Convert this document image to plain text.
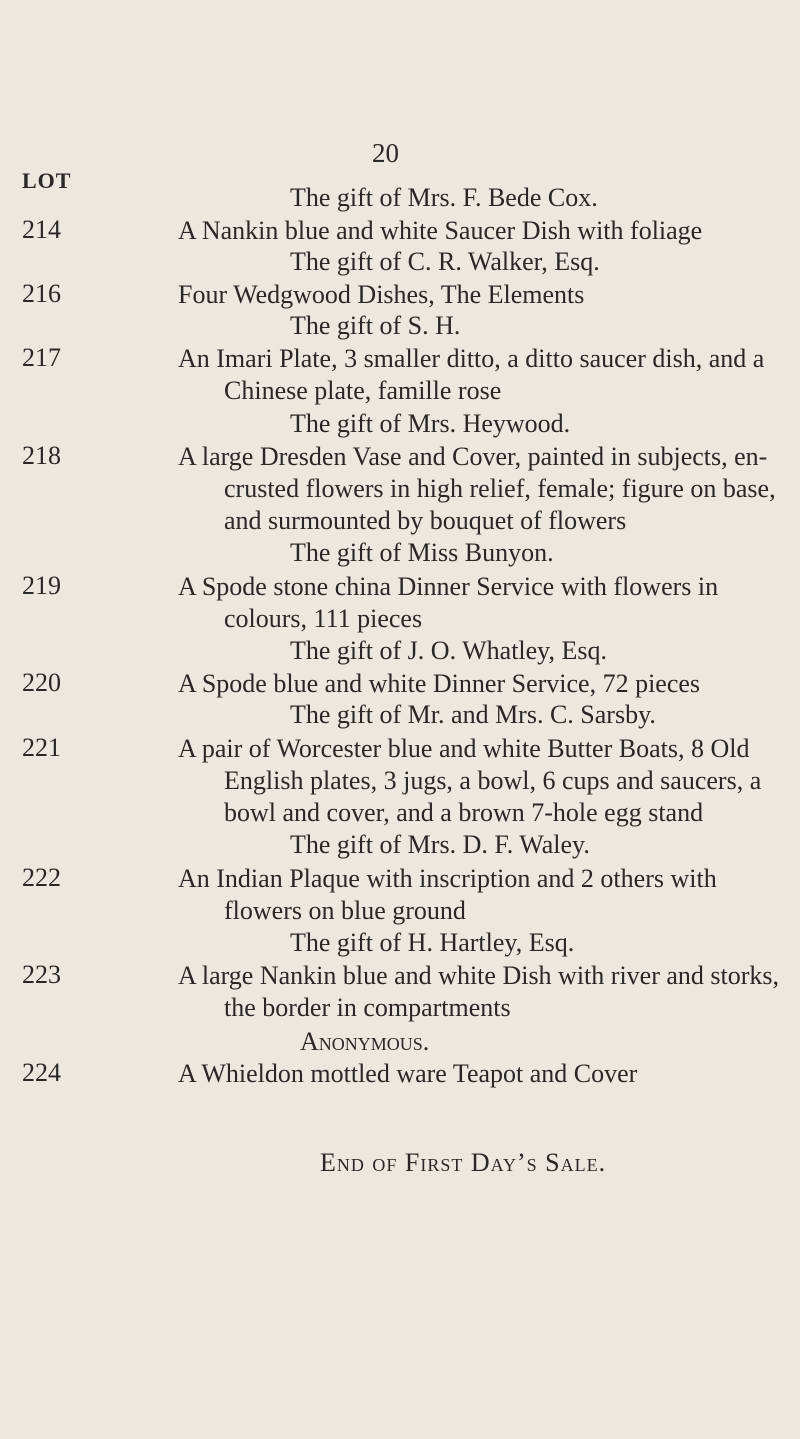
20
LOT
The gift of Mrs. F. Bede Cox.
214	A Nankin blue and white Saucer Dish with foliage
The gift of C. R. Walker, Esq.
216	Four Wedgwood Dishes, The Elements
The gift of S. H.
217	An Imari Plate, 3 smaller ditto, a ditto saucer dish, and a
Chinese plate, famille rose
The gift of Mrs. Heywood.
218	A large Dresden Vase and Cover, painted in subjects, en-
crusted flowers in high relief, female; figure on base,
and surmounted by bouquet of flowers
The gift of Miss Bunyon.
219	A Spode stone china Dinner Service with flowers in
colours, 111 pieces
The gift of J. O. Whatley, Esq.
220	A Spode blue and white Dinner Service, 72 pieces
The gift of Mr. and Mrs. C. Sarsby.
221	A pair of Worcester blue and white Butter Boats, 8 Old
English plates, 3 jugs, a bowl, 6 cups and saucers, a
bowl and cover, and a brown 7-hole egg stand
The gift of Mrs. D. F. Waley.
222	An Indian Plaque with inscription and 2 others with
flowers on blue ground
The gift of H. Hartley, Esq.
223	A large Nankin blue and white Dish with river and storks,
the border in compartments
Anonymous.
224	A Whieldon mottled ware Teapot and Cover
End of First Day’s Sale.
